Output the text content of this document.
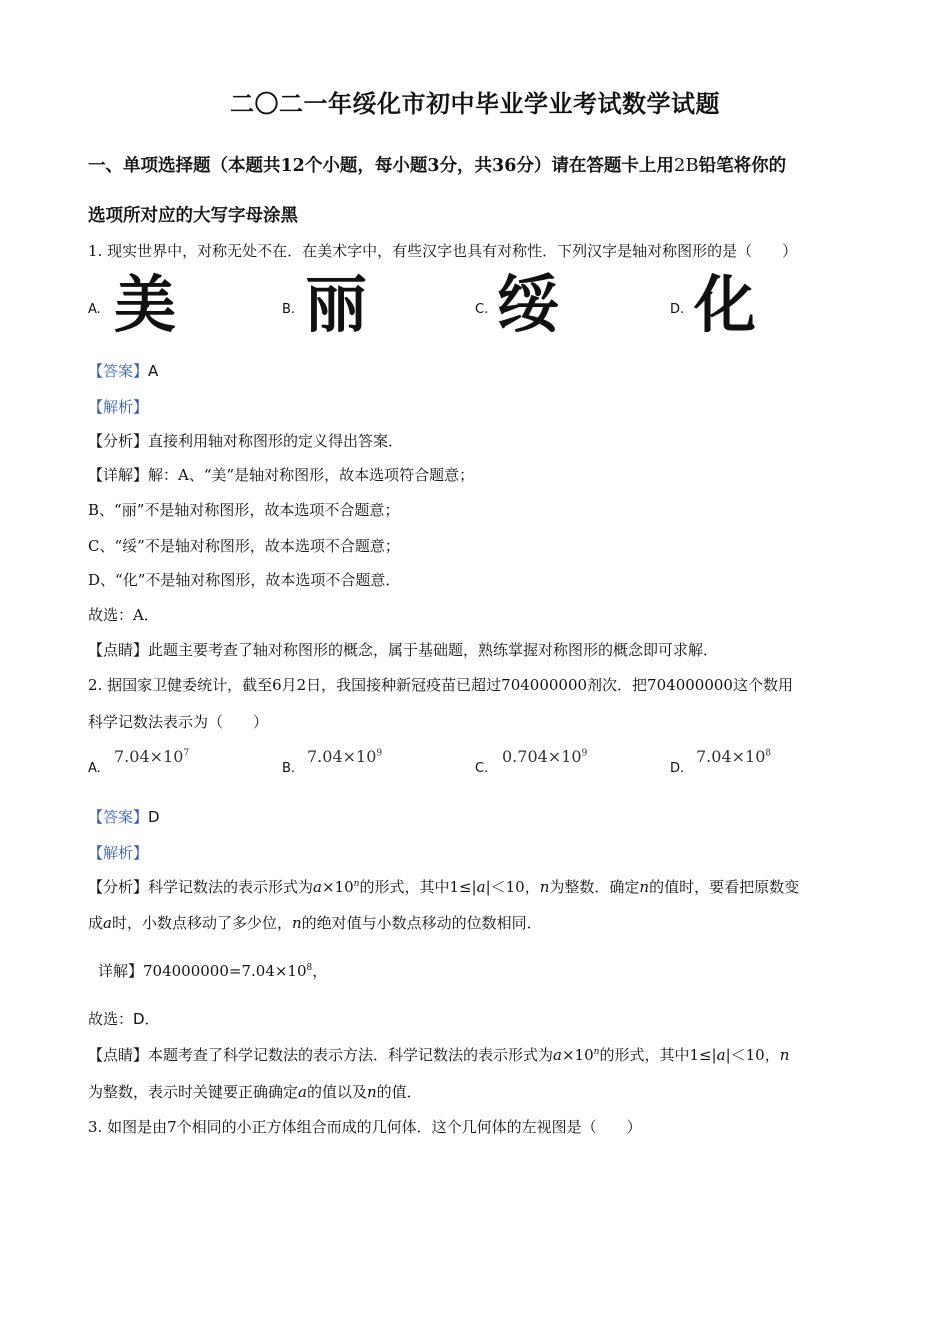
二〇二一年绥化市初中毕业学业考试数学试题
一、单项选择题（本题共12个小题，每小题3分，共36分）请在答题卡上用2B铅笔将你的
选项所对应的大写字母涂黑
1. 现实世界中，对称无处不在．在美术字中，有些汉字也具有对称性．下列汉字是轴对称图形的是（　　）
A. 美	B. 丽	C. 绥	D. 化
【答案】A
【解析】
【分析】直接利用轴对称图形的定义得出答案．
【详解】解：A、“美”是轴对称图形，故本选项符合题意；
B、“丽”不是轴对称图形，故本选项不合题意；
C、“绥”不是轴对称图形，故本选项不合题意；
D、“化”不是轴对称图形，故本选项不合题意．
故选：A．
【点睛】此题主要考查了轴对称图形的概念，属于基础题，熟练掌握对称图形的概念即可求解．
2. 据国家卫健委统计，截至6月2日，我国接种新冠疫苗已超过704000000剂次．把704000000这个数用
科学记数法表示为（　　）
A.
$7.04\times 10^7$
B.
$7.04\times 10^9$
C.
$0.704\times 10^9$
D.
$7.04\times 10^8$
【答案】D
【解析】
【分析】科学记数法的表示形式为$a\times 10^n$的形式，其中1≤|a|＜10，n为整数．确定n的值时，要看把原数变
成a时，小数点移动了多少位，n的绝对值与小数点移动的位数相同．
详解】$704000000=7.04\times 10^8$，
故选：D．
【点睛】本题考查了科学记数法的表示方法．科学记数法的表示形式为$a\times 10^n$的形式，其中1≤|a|＜10，n
为整数，表示时关键要正确确定a的值以及n的值．
3. 如图是由7个相同的小正方体组合而成的几何体．这个几何体的左视图是（　　）
